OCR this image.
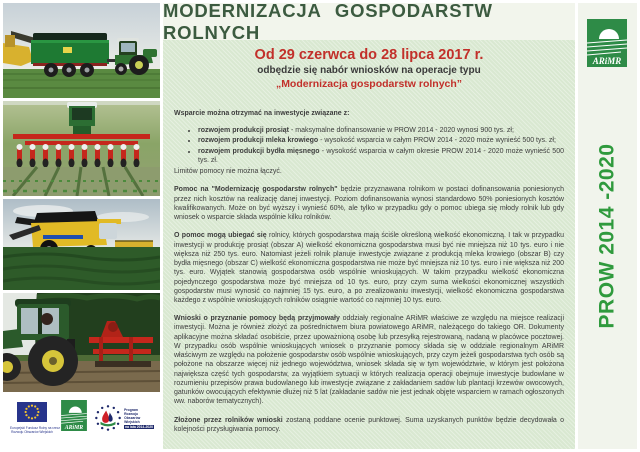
Europejski Fundusz Rolny na rzecz
Rozwoju Obszarów Wiejskich
ARiMR
Program
Rozwoju
Obszarów
Wiejskich
na lata 2014-2020
MODERNIZACJA GOSPODARSTW ROLNYCH
Od 29 czerwca do 28 lipca 2017 r.
odbędzie się nabór wniosków na operacje typu
„Modernizacja gospodarstw rolnych”

Wsparcie można otrzymać na inwestycje związane z:

• rozwojem produkcji prosiąt - maksymalne dofinansowanie w PROW 2014 - 2020 wynosi 900 tys. zł;
• rozwojem produkcji mleka krowiego - wysokość wsparcia w całym PROW 2014 - 2020 może wynieść 500 tys. zł;
• rozwojem produkcji bydła mięsnego - wysokość wsparcia w całym okresie PROW 2014 - 2020 może wynieść 500 tys. zł.

Limitów pomocy nie można łączyć.

Pomoc na "Modernizację gospodarstw rolnych" będzie przyznawana rolnikom w postaci dofinansowania poniesionych przez nich kosztów na realizację danej inwestycji. Poziom dofinansowania wynosi standardowo 50% poniesionych kosztów kwalifikowanych. Może on być wyższy i wynieść 60%, ale tylko w przypadku gdy o pomoc ubiega się młody rolnik lub gdy wniosek o wsparcie składa wspólnie kilku rolników.

O pomoc mogą ubiegać się rolnicy, których gospodarstwa mają ściśle określoną wielkość ekonomiczną. I tak w przypadku inwestycji w produkcję prosiąt (obszar A) wielkość ekonomiczna gospodarstwa musi być nie mniejsza niż 10 tys. euro i nie większa niż 250 tys. euro. Natomiast jeżeli rolnik planuje inwestycje związane z produkcją mleka krowiego (obszar B) czy bydła mięsnego (obszar C) wielkość ekonomiczna gospodarstwa nie może być mniejsza niż 10 tys. euro i nie większa niż 200 tys. euro. Wyjątek stanowią gospodarstwa osób wspólnie wnioskujących. W takim przypadku wielkość ekonomiczna pojedynczego gospodarstwa może być mniejsza od 10 tys. euro, przy czym suma wielkości ekonomicznej wszystkich gospodarstw musi wynosić co najmniej 15 tys. euro, a po zrealizowaniu inwestycji, wielkość ekonomiczna gospodarstwa każdego z wspólnie wnioskujących rolników osiągnie wartość co najmniej 10 tys. euro.

Wnioski o przyznanie pomocy będą przyjmowały oddziały regionalne ARiMR właściwe ze względu na miejsce realizacji inwestycji. Można je również złożyć za pośrednictwem biura powiatowego ARiMR, należącego do takiego OR. Dokumenty aplikacyjne można składać osobiście, przez upoważnioną osobę lub przesyłką rejestrowaną, nadaną w placówce pocztowej. W przypadku osób wspólnie wnioskujących wniosek o przyznanie pomocy składa się w oddziale regionalnym ARiMR właściwym ze względu na położenie gospodarstw osób wspólnie wnioskujących, przy czym jeżeli gospodarstwa tych osób są położone na obszarze więcej niż jednego województwa, wniosek składa się w tym województwie, w którym jest położona największa część tych gospodarstw, za wyjątkiem sytuacji w których realizacja operacji obejmuje inwestycje budowlane w rozumieniu przepisów prawa budowlanego lub inwestycje związane z zakładaniem sadów lub plantacji krzewów owocowych, gatunków owocujących efektywnie dłużej niż 5 lat (zakładanie sadów nie jest jednak objęte wsparciem w ramach ogłoszonych ww. naborów tematycznych).

Złożone przez rolników wnioski zostaną poddane ocenie punktowej. Suma uzyskanych punktów będzie decydowała o kolejności przysługiwania pomocy.

ARiMR
PROW 2014 -2020
